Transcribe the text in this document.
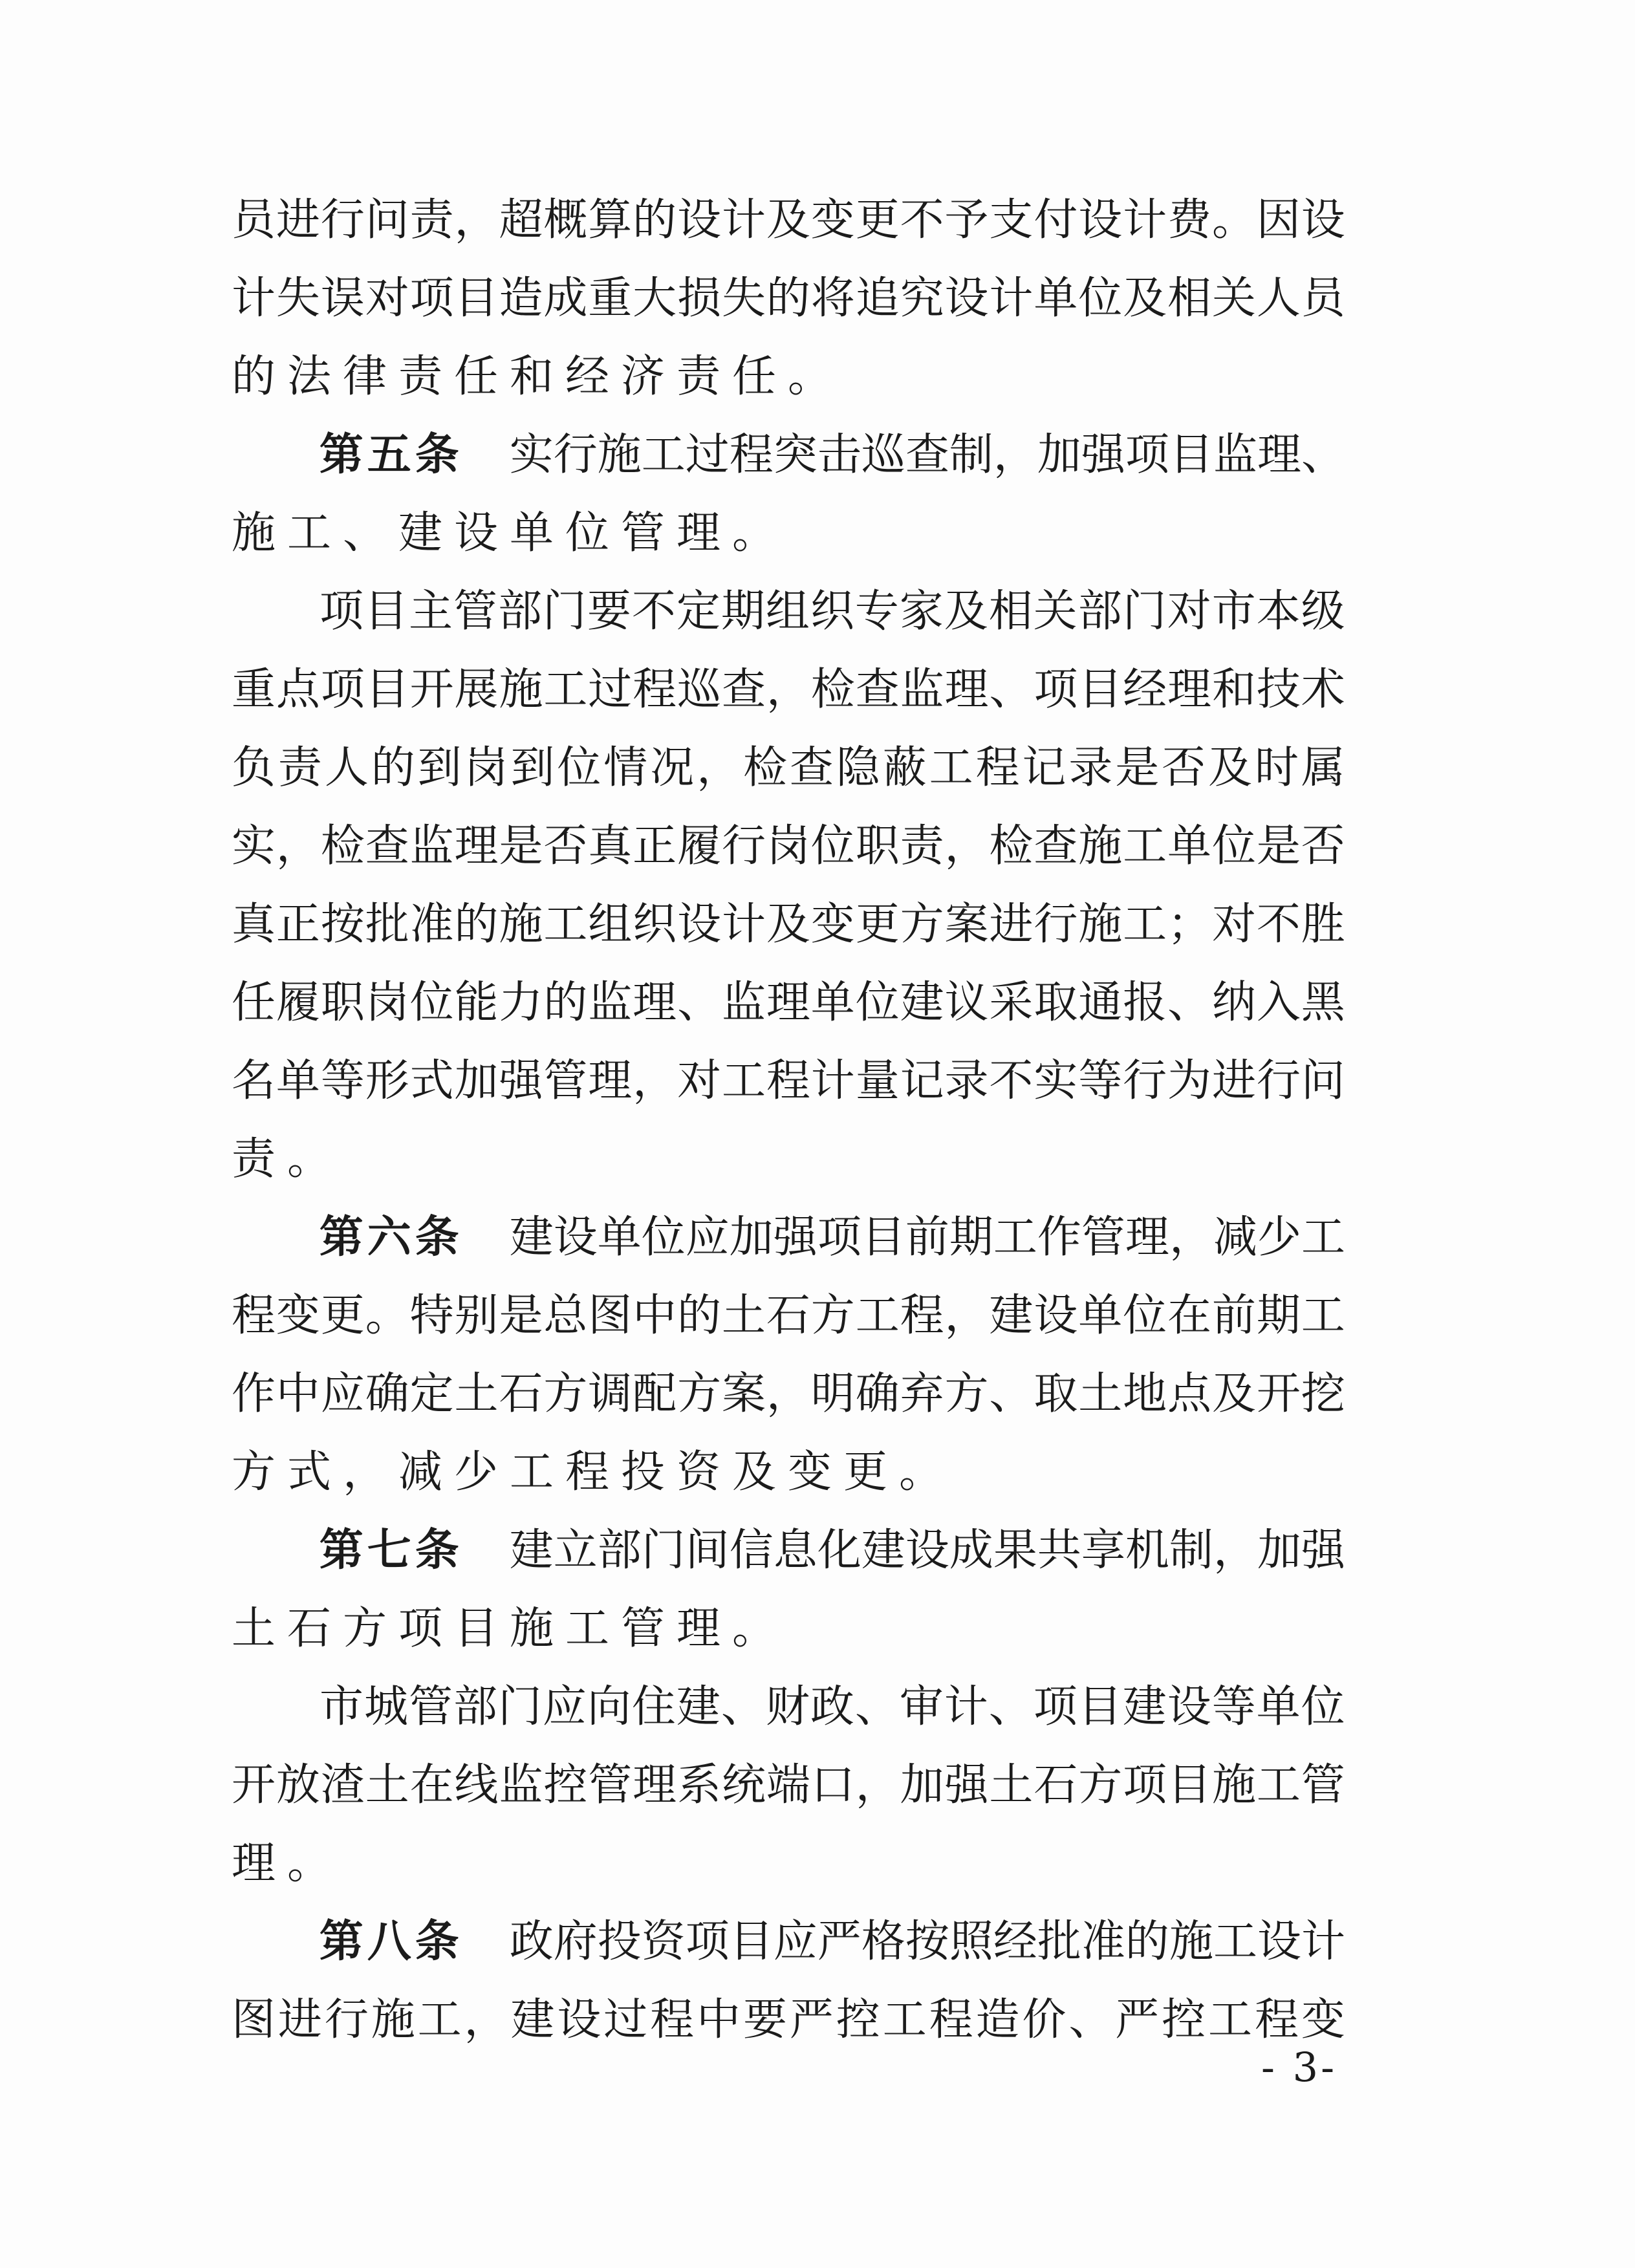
员 进 行 问 责 ， 超 概 算 的 设 计 及 变 更 不 予 支 付 设 计 费 。 因 设
计 失 误 对 项 目 造 成 重 大 损 失 的 将 追 究 设 计 单 位 及 相 关 人 员
的法律责任和经济责任。
第五条 实 行 施 工 过 程 突 击 巡 查 制 ， 加 强 项 目 监 理 、
施工、建设单位管理。
项 目 主 管 部 门 要 不 定 期 组 织 专 家 及 相 关 部 门 对 市 本 级
重 点 项 目 开 展 施 工 过 程 巡 查 ， 检 查 监 理 、 项 目 经 理 和 技 术
负 责 人 的 到 岗 到 位 情 况 ， 检 查 隐 蔽 工 程 记 录 是 否 及 时 属
实 ， 检 查 监 理 是 否 真 正 履 行 岗 位 职 责 ， 检 查 施 工 单 位 是 否
真 正 按 批 准 的 施 工 组 织 设 计 及 变 更 方 案 进 行 施 工 ； 对 不 胜
任 履 职 岗 位 能 力 的 监 理 、 监 理 单 位 建 议 采 取 通 报 、 纳 入 黑
名 单 等 形 式 加 强 管 理 ， 对 工 程 计 量 记 录 不 实 等 行 为 进 行 问
责。
第六条 建 设 单 位 应 加 强 项 目 前 期 工 作 管 理 ， 减 少 工
程 变 更 。 特 别 是 总 图 中 的 土 石 方 工 程 ， 建 设 单 位 在 前 期 工
作 中 应 确 定 土 石 方 调 配 方 案 ， 明 确 弃 方 、 取 土 地 点 及 开 挖
方式，减少工程投资及变更。
第七条 建 立 部 门 间 信 息 化 建 设 成 果 共 享 机 制 ， 加 强
土石方项目施工管理。
市 城 管 部 门 应 向 住 建 、 财 政 、 审 计 、 项 目 建 设 等 单 位
开 放 渣 土 在 线 监 控 管 理 系 统 端 口 ， 加 强 土 石 方 项 目 施 工 管
理。
第八条 政 府 投 资 项 目 应 严 格 按 照 经 批 准 的 施 工 设 计
图 进 行 施 工 ， 建 设 过 程 中 要 严 控 工 程 造 价 、 严 控 工 程 变
- 3-
